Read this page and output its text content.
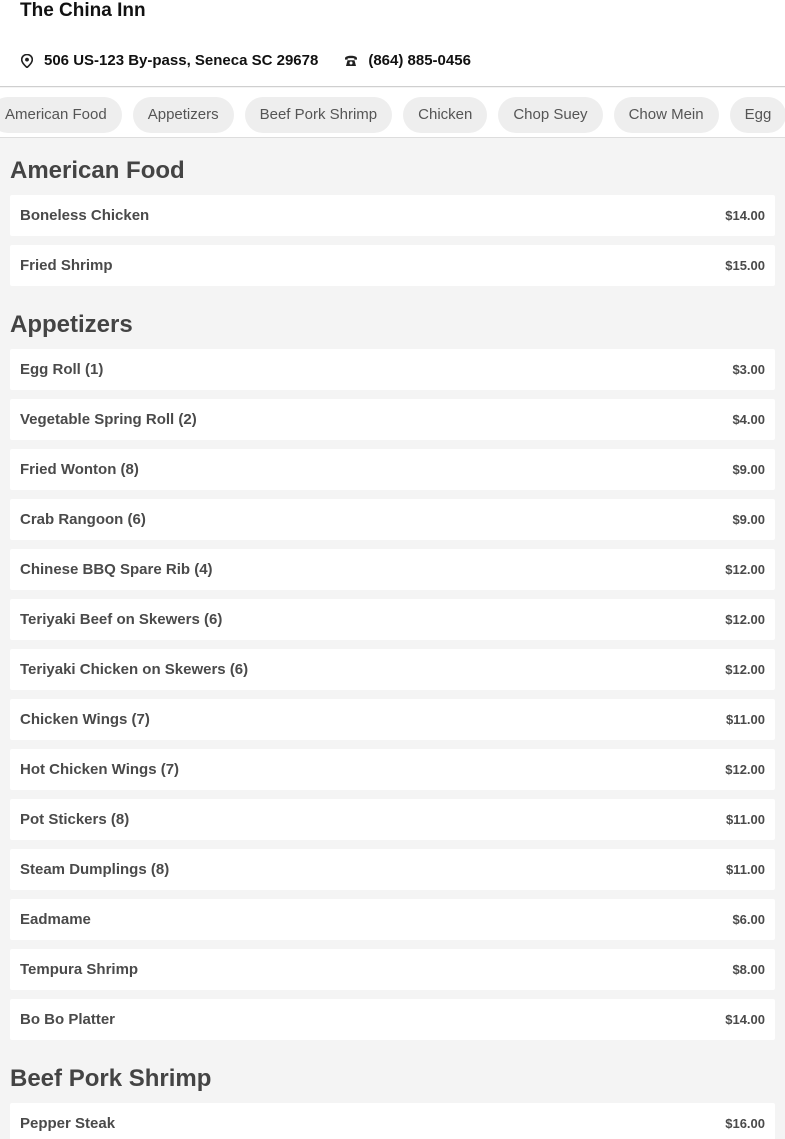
The China Inn
506 US-123 By-pass, Seneca SC 29678	(864) 885-0456
American Food	Appetizers	Beef Pork Shrimp	Chicken	Chop Suey	Chow Mein	Egg
American Food
Boneless Chicken	$14.00
Fried Shrimp	$15.00
Appetizers
Egg Roll (1)	$3.00
Vegetable Spring Roll (2)	$4.00
Fried Wonton (8)	$9.00
Crab Rangoon (6)	$9.00
Chinese BBQ Spare Rib (4)	$12.00
Teriyaki Beef on Skewers (6)	$12.00
Teriyaki Chicken on Skewers (6)	$12.00
Chicken Wings (7)	$11.00
Hot Chicken Wings (7)	$12.00
Pot Stickers (8)	$11.00
Steam Dumplings (8)	$11.00
Eadmame	$6.00
Tempura Shrimp	$8.00
Bo Bo Platter	$14.00
Beef Pork Shrimp
Pepper Steak	$16.00
